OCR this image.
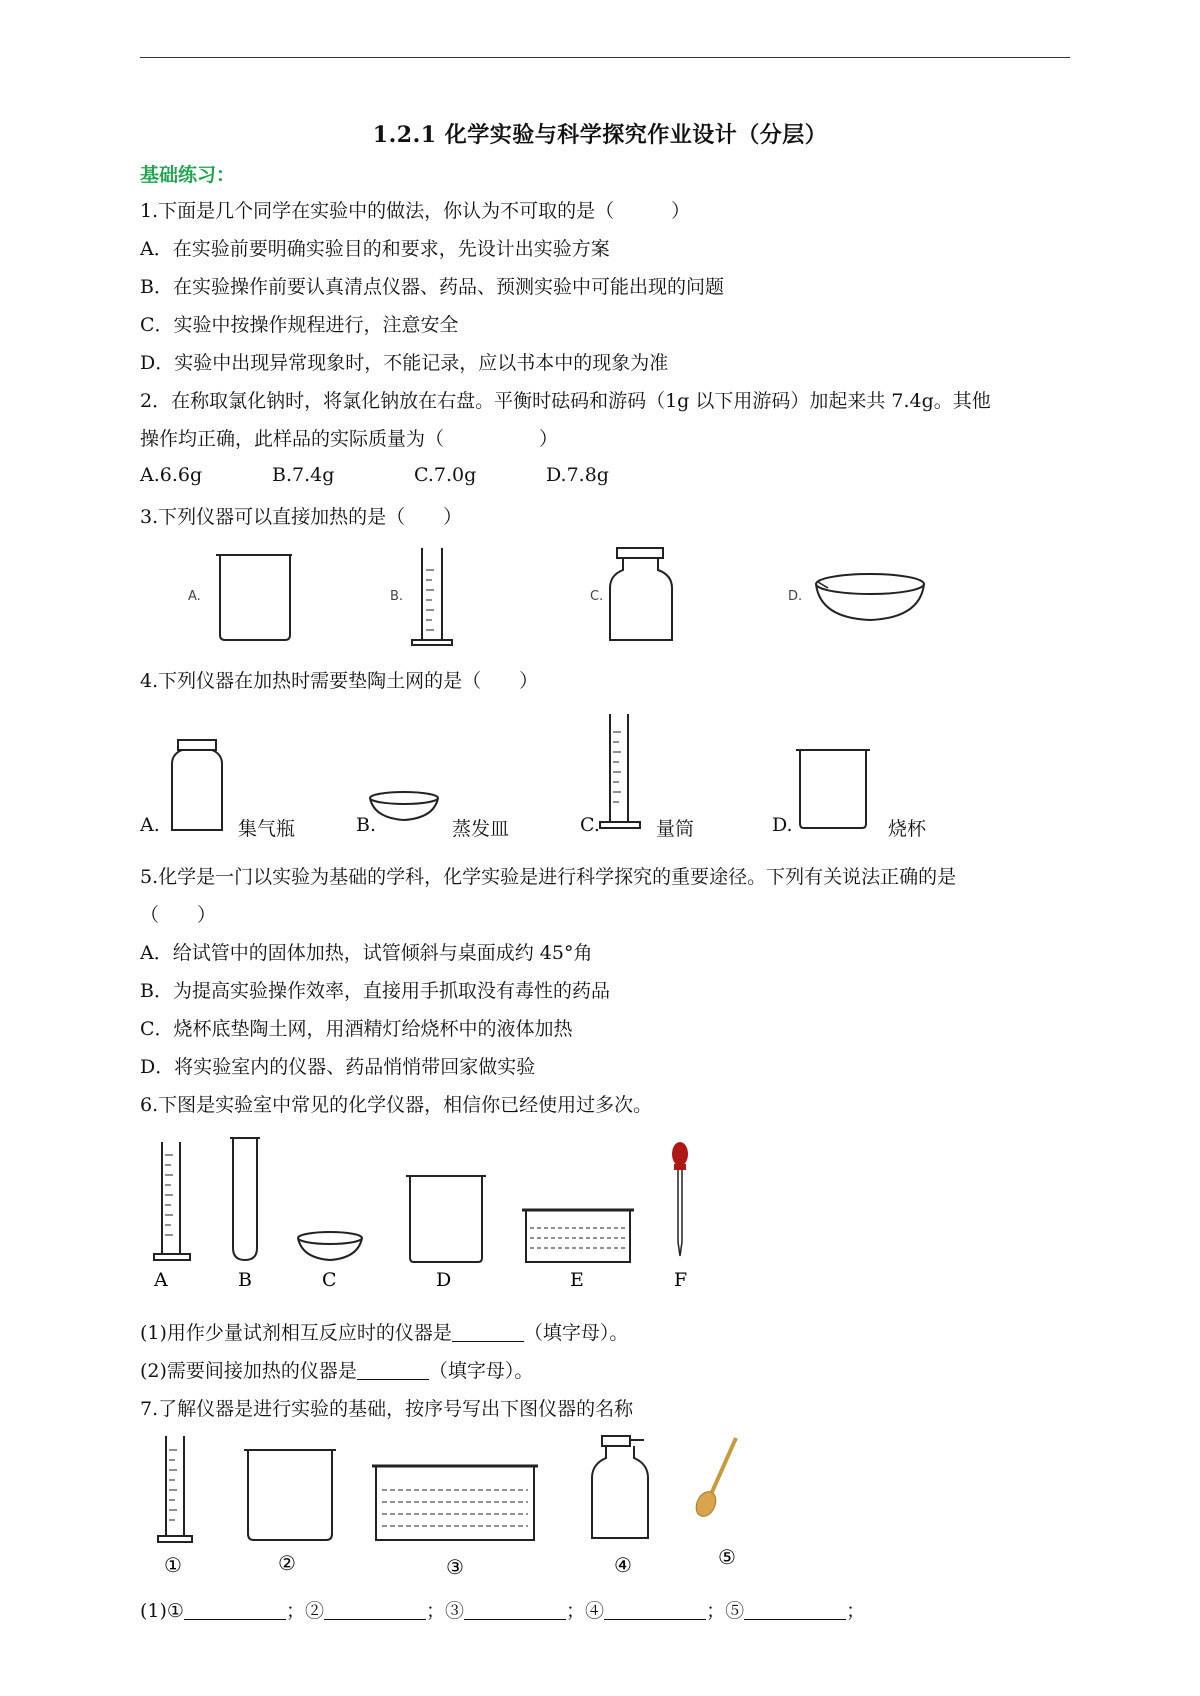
1.2.1 化学实验与科学探究作业设计（分层）
基础练习：
1.下面是几个同学在实验中的做法，你认为不可取的是（　　　）
A．在实验前要明确实验目的和要求，先设计出实验方案
B．在实验操作前要认真清点仪器、药品、预测实验中可能出现的问题
C．实验中按操作规程进行，注意安全
D．实验中出现异常现象时，不能记录，应以书本中的现象为准
2．在称取氯化钠时，将氯化钠放在右盘。平衡时砝码和游码（1g 以下用游码）加起来共 7.4g。其他
操作均正确，此样品的实际质量为（　　　　　）
A.6.6g	B.7.4g	C.7.0g	D.7.8g
3.下列仪器可以直接加热的是（　　）
A.	B.	C.	D.
4.下列仪器在加热时需要垫陶土网的是（　　）
A.	集气瓶	B.	蒸发皿	C.	量筒	D.	烧杯
5.化学是一门以实验为基础的学科，化学实验是进行科学探究的重要途径。下列有关说法正确的是
（　　）
A．给试管中的固体加热，试管倾斜与桌面成约 45°角
B．为提高实验操作效率，直接用手抓取没有毒性的药品
C．烧杯底垫陶土网，用酒精灯给烧杯中的液体加热
D．将实验室内的仪器、药品悄悄带回家做实验
6.下图是实验室中常见的化学仪器，相信你已经使用过多次。
A	B	C	D	E	F
(1)用作少量试剂相互反应时的仪器是	（填字母）。
(2)需要间接加热的仪器是	（填字母）。
7.了解仪器是进行实验的基础，按序号写出下图仪器的名称
①	②	③	④	⑤
(1)①	；②	；③	；④	；⑤	；
